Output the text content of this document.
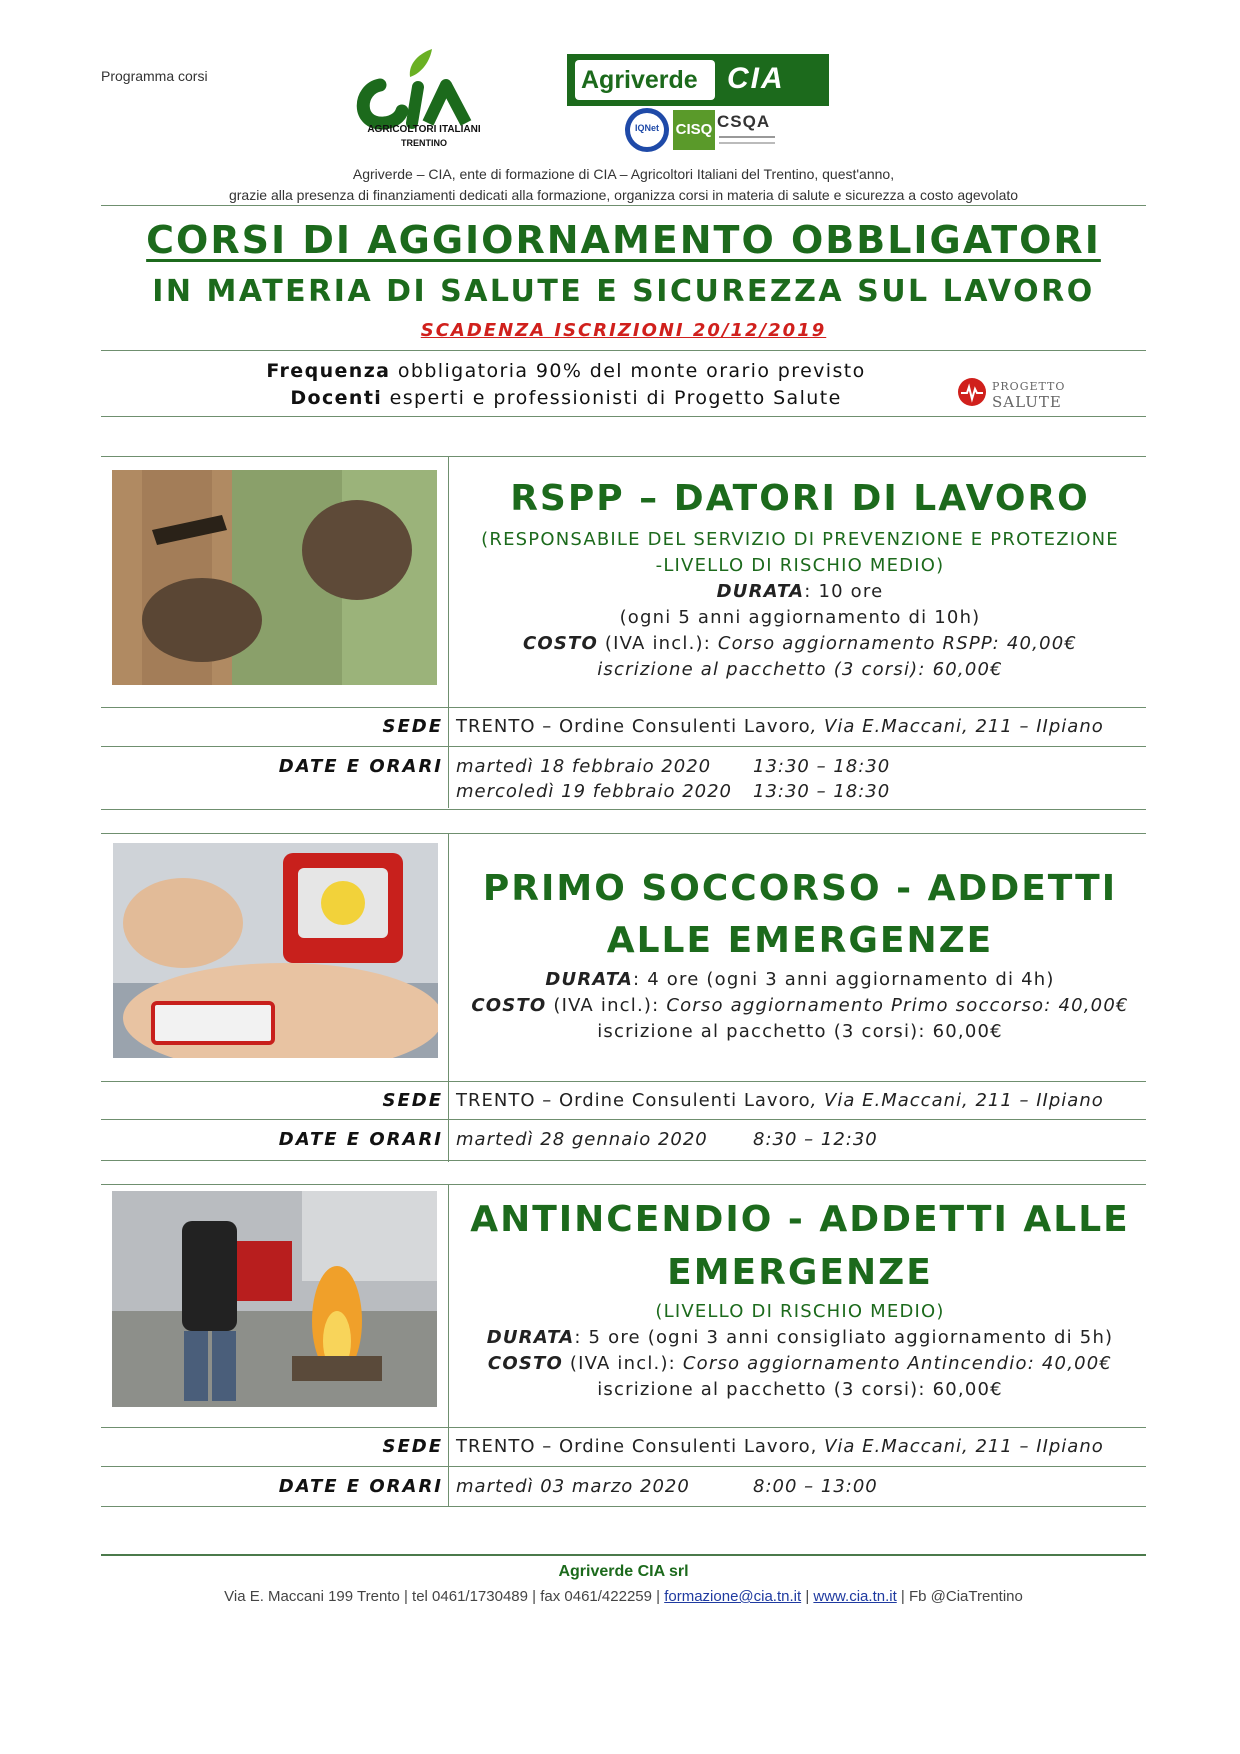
Programma corsi
AGRICOLTORI ITALIANI
TRENTINO
Agriverde CIA
IQNet	CISQ CSQA
Agriverde – CIA, ente di formazione di CIA – Agricoltori Italiani del Trentino, quest'anno,
grazie alla presenza di finanziamenti dedicati alla formazione, organizza corsi in materia di salute e sicurezza a costo agevolato
CORSI DI AGGIORNAMENTO OBBLIGATORI
IN MATERIA DI SALUTE E SICUREZZA SUL LAVORO
SCADENZA ISCRIZIONI 20/12/2019
Frequenza obbligatoria 90% del monte orario previsto
Docenti esperti e professionisti di Progetto Salute
PROGETTO
SALUTE
RSPP – DATORI DI LAVORO
(RESPONSABILE DEL SERVIZIO DI PREVENZIONE E PROTEZIONE
-LIVELLO DI RISCHIO MEDIO)
DURATA: 10 ore
(ogni 5 anni aggiornamento di 10h)
COSTO (IVA incl.): Corso aggiornamento RSPP: 40,00€
iscrizione al pacchetto (3 corsi): 60,00€
SEDE TRENTO – Ordine Consulenti Lavoro, Via E.Maccani, 211 – IIpiano
DATE E ORARI martedì 18 febbraio 2020 13:30 – 18:30
mercoledì 19 febbraio 2020 13:30 – 18:30
PRIMO SOCCORSO - ADDETTI
ALLE EMERGENZE
DURATA: 4 ore (ogni 3 anni aggiornamento di 4h)
COSTO (IVA incl.): Corso aggiornamento Primo soccorso: 40,00€
iscrizione al pacchetto (3 corsi): 60,00€
SEDE TRENTO – Ordine Consulenti Lavoro, Via E.Maccani, 211 – IIpiano
DATE E ORARI martedì 28 gennaio 2020	8:30 – 12:30
ANTINCENDIO - ADDETTI ALLE
EMERGENZE
(LIVELLO DI RISCHIO MEDIO)
DURATA: 5 ore (ogni 3 anni consigliato aggiornamento di 5h)
COSTO (IVA incl.): Corso aggiornamento Antincendio: 40,00€
iscrizione al pacchetto (3 corsi): 60,00€
SEDE TRENTO – Ordine Consulenti Lavoro, Via E.Maccani, 211 – IIpiano
DATE E ORARI martedì 03 marzo 2020	8:00 – 13:00
Agriverde CIA srl
Via E. Maccani 199 Trento | tel 0461/1730489 | fax 0461/422259 | formazione@cia.tn.it | www.cia.tn.it | Fb @CiaTrentino
